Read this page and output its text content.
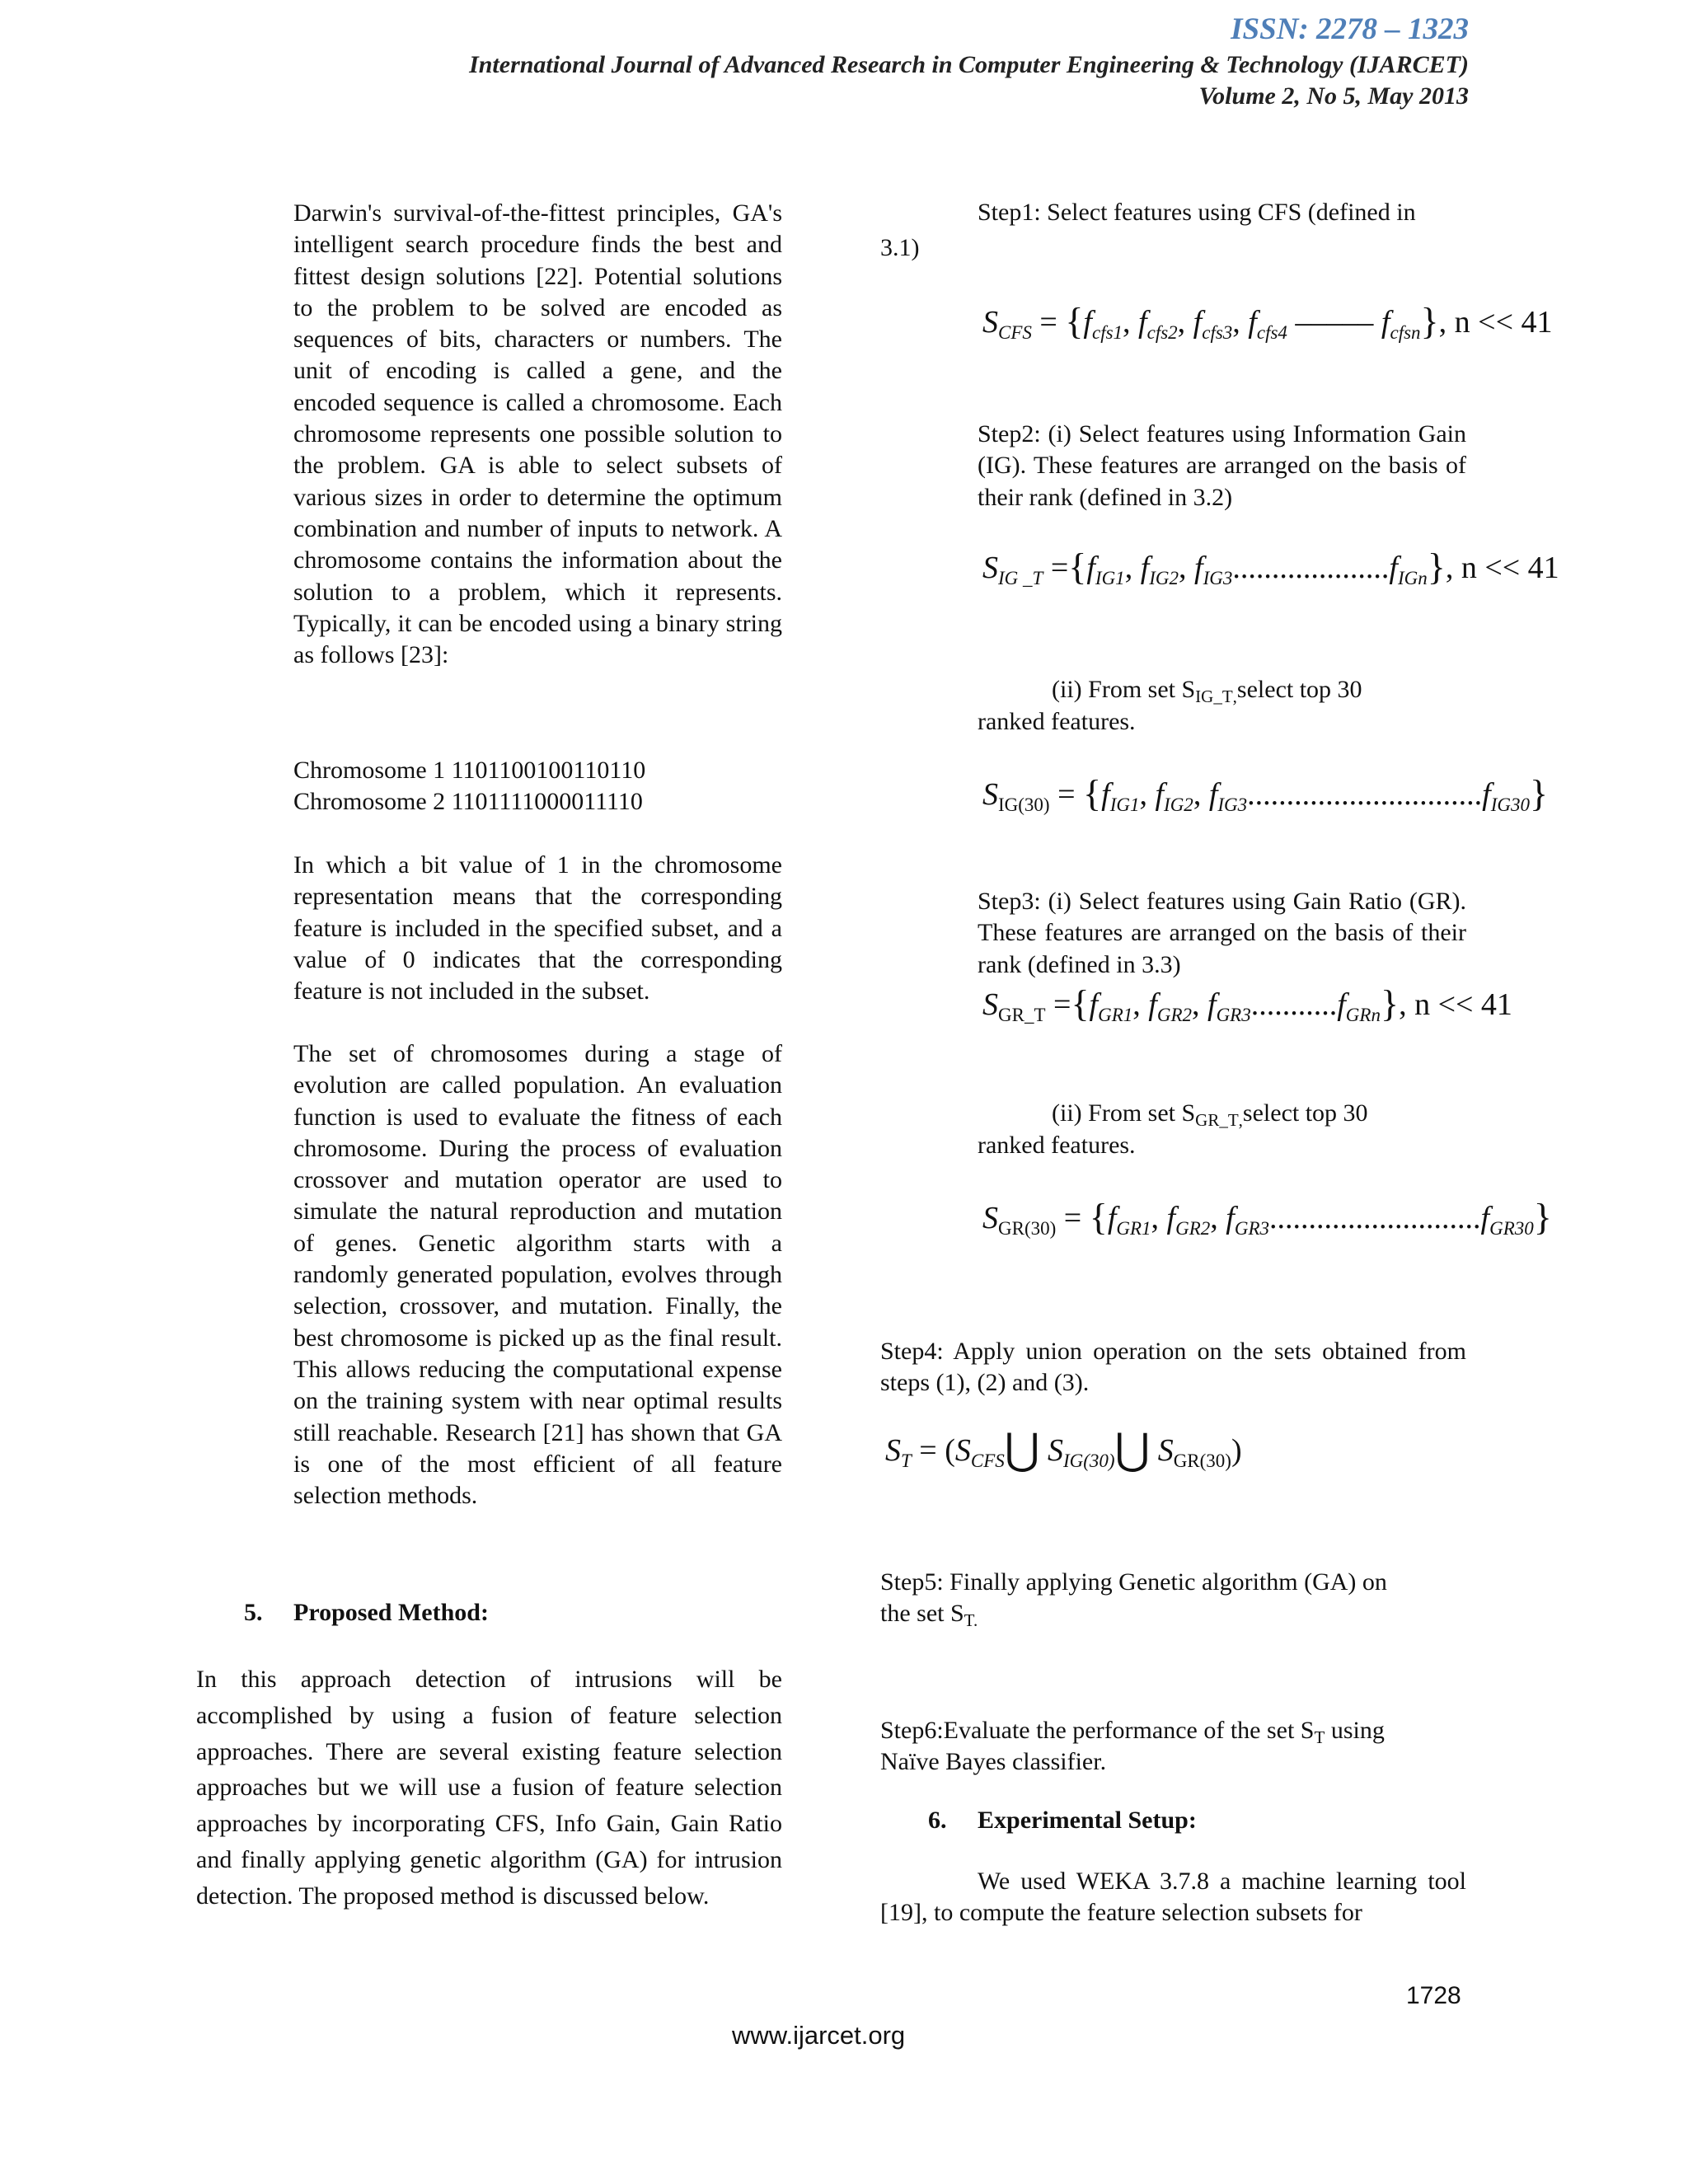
ISSN: 2278 – 1323
International Journal of Advanced Research in Computer Engineering & Technology (IJARCET)
Volume 2, No 5, May 2013

Darwin's survival-of-the-fittest principles, GA's intelligent search procedure finds the best and fittest design solutions [22]. Potential solutions to the problem to be solved are encoded as sequences of bits, characters or numbers. The unit of encoding is called a gene, and the encoded sequence is called a chromosome. Each chromosome represents one possible solution to the problem. GA is able to select subsets of various sizes in order to determine the optimum combination and number of inputs to network. A chromosome contains the information about the solution to a problem, which it represents. Typically, it can be encoded using a binary string as follows [23]:

Chromosome 1 1101100100110110
Chromosome 2 1101111000011110

In which a bit value of 1 in the chromosome representation means that the corresponding feature is included in the specified subset, and a value of 0 indicates that the corresponding feature is not included in the subset.

The set of chromosomes during a stage of evolution are called population. An evaluation function is used to evaluate the fitness of each chromosome. During the process of evaluation crossover and mutation operator are used to simulate the natural reproduction and mutation of genes. Genetic algorithm starts with a randomly generated population, evolves through selection, crossover, and mutation. Finally, the best chromosome is picked up as the final result. This allows reducing the computational expense on the training system with near optimal results still reachable. Research [21] has shown that GA is one of the most efficient of all feature selection methods.

5. Proposed Method:

In this approach detection of intrusions will be accomplished by using a fusion of feature selection approaches. There are several existing feature selection approaches but we will use a fusion of feature selection approaches by incorporating CFS, Info Gain, Gain Ratio and finally applying genetic algorithm (GA) for intrusion detection. The proposed method is discussed below.

Step1: Select features using CFS (defined in
3.1)
$S_{CFS} = \{f_{cfs1}$, $f_{cfs2}$, $f_{cfs3}$, $f_{cfs4}$ ––––– $f_{cfsn}$}, n << 41

Step2: (i) Select features using Information Gain (IG). These features are arranged on the basis of their rank (defined in 3.2)

$S_{IG \_T} =\{f_{IG1}$, $f_{IG2}$, $f_{IG3}....................f_{IGn}$}, n << 41
(ii) From set $S_{IG\_T,}select$ top 30
ranked features.
$S_{IG(30)} = \{f_{IG1}$, $f_{IG2}$, $f_{IG3}..............................f_{IG30}$}

Step3: (i) Select features using Gain Ratio (GR). These features are arranged on the basis of their rank (defined in 3.3)

$S_{GR\_T} =\{f_{GR1}$, $f_{GR2}$, $f_{GR3}...........f_{GRn}$}, n << 41
(ii) From set $S_{GR\_T,}select$ top 30
ranked features.
$S_{GR(30)} = \{f_{GR1}$, $f_{GR2}$, $f_{GR3}...........................f_{GR30}$}

Step4: Apply union operation on the sets obtained from steps (1), (2) and (3).

$S_T$ = ($S_{CFS}⋃$ $S_{IG(30)}⋃$ $S_{GR(30)}$)
Step5: Finally applying Genetic algorithm (GA) on
the set $S_{T.}$
Step6:Evaluate the performance of the set $S_T$ using
Naïve Bayes classifier.
6. Experimental Setup:

We used WEKA 3.7.8 a machine learning tool [19], to compute the feature selection subsets for

1728
www.ijarcet.org
